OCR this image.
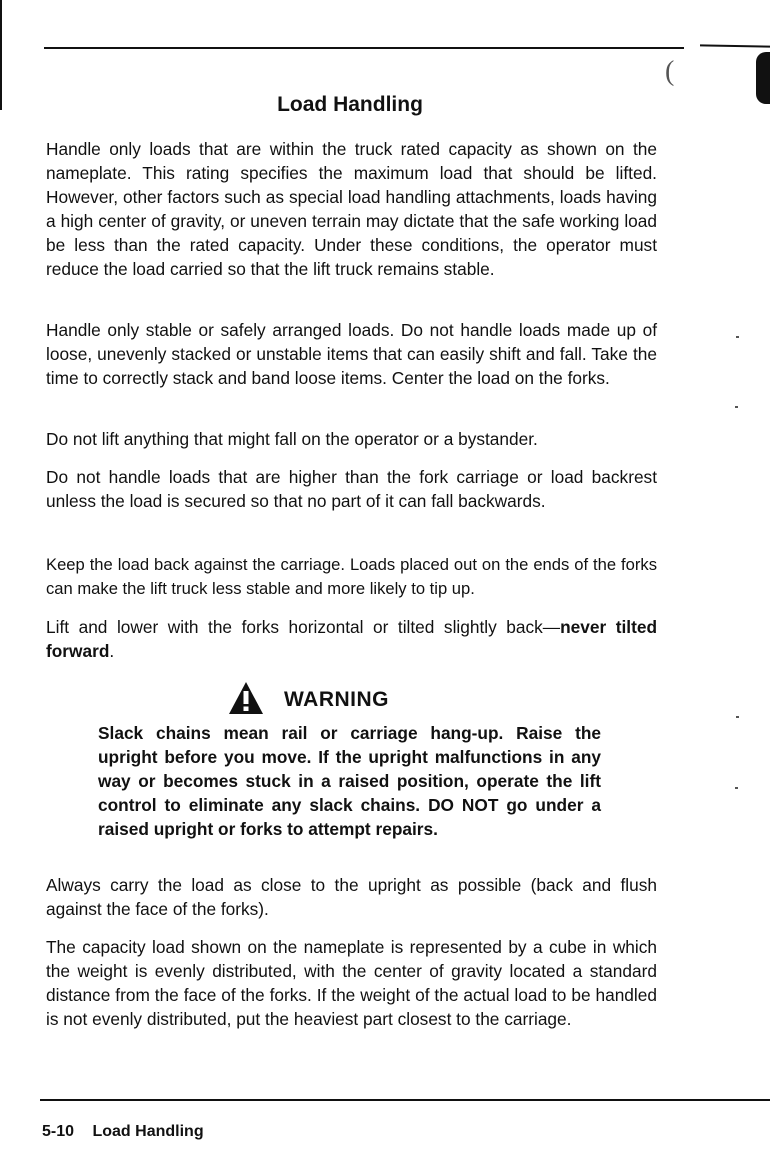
(
Load Handling

Handle only loads that are within the truck rated capacity as shown on the nameplate. This rating specifies the maximum load that should be lifted. However, other factors such as special load handling attachments, loads having a high center of gravity, or uneven terrain may dictate that the safe working load be less than the rated capacity. Under these conditions, the operator must reduce the load carried so that the lift truck remains stable.

Handle only stable or safely arranged loads. Do not handle loads made up of loose, unevenly stacked or unstable items that can easily shift and fall. Take the time to correctly stack and band loose items. Center the load on the forks.

Do not lift anything that might fall on the operator or a bystander.

Do not handle loads that are higher than the fork carriage or load backrest unless the load is secured so that no part of it can fall backwards.

Keep the load back against the carriage. Loads placed out on the ends of the forks can make the lift truck less stable and more likely to tip up.

Lift and lower with the forks horizontal or tilted slightly back—never tilted forward.

WARNING

Slack chains mean rail or carriage hang-up. Raise the upright before you move. If the upright malfunctions in any way or becomes stuck in a raised position, operate the lift control to eliminate any slack chains. DO NOT go under a raised upright or forks to attempt repairs.

Always carry the load as close to the upright as possible (back and flush against the face of the forks).

The capacity load shown on the nameplate is represented by a cube in which the weight is evenly distributed, with the center of gravity located a standard distance from the face of the forks. If the weight of the actual load to be handled is not evenly distributed, put the heaviest part closest to the carriage.

5-10 Load Handling
